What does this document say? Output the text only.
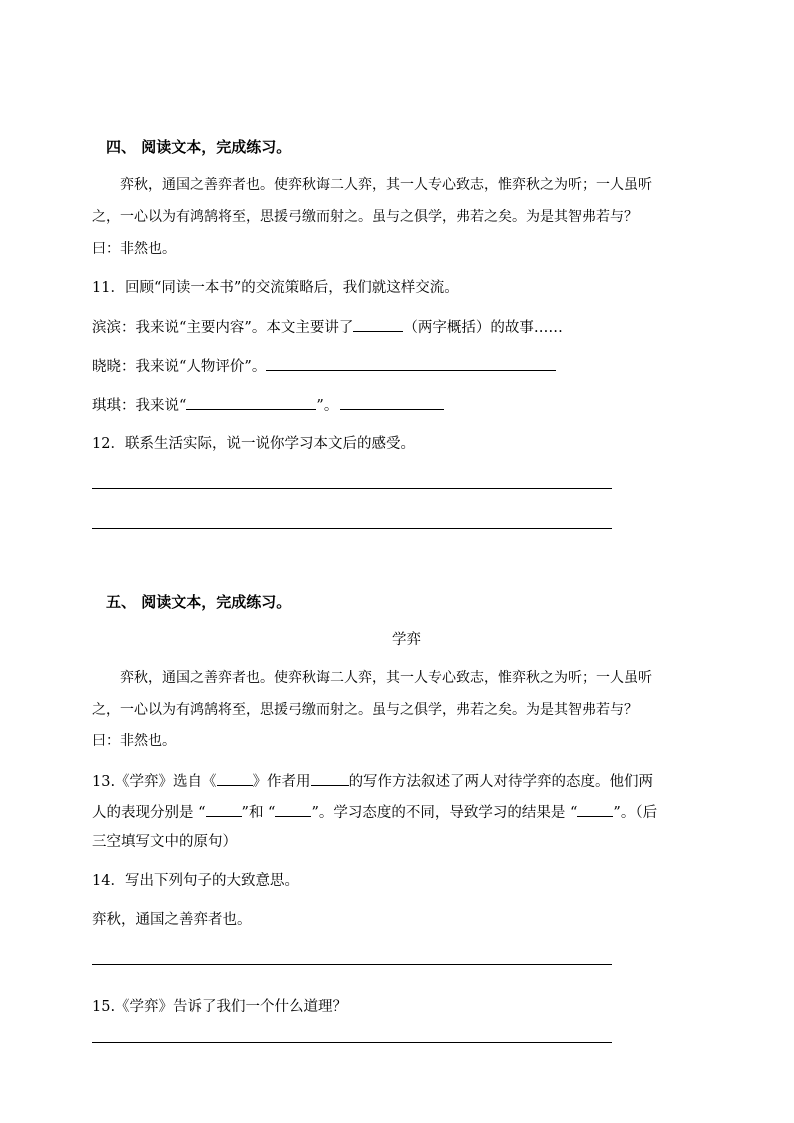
四、 阅读文本，完成练习。
弈秋，通国之善弈者也。使弈秋诲二人弈，其一人专心致志，惟弈秋之为听；一人虽听
之，一心以为有鸿鹄将至，思援弓缴而射之。虽与之俱学，弗若之矣。为是其智弗若与？
曰：非然也。
11．回顾“同读一本书”的交流策略后，我们就这样交流。
滨滨：我来说“主要内容”。本文主要讲了	（两字概括）的故事……
晓晓：我来说“人物评价”。
琪琪：我来说“	”。
12．联系生活实际，说一说你学习本文后的感受。
五、 阅读文本，完成练习。
学弈
弈秋，通国之善弈者也。使弈秋诲二人弈，其一人专心致志，惟弈秋之为听；一人虽听
之，一心以为有鸿鹄将至，思援弓缴而射之。虽与之俱学，弗若之矣。为是其智弗若与？
曰：非然也。
13.《学弈》选自《 》作者用	的写作方法叙述了两人对待学弈的态度。他们两
人的表现分别是 “ ”和 “ ”。学习态度的不同，导致学习的结果是 “ ”。（后
三空填写文中的原句）
14．写出下列句子的大致意思。
弈秋，通国之善弈者也。
15.《学弈》告诉了我们一个什么道理？
